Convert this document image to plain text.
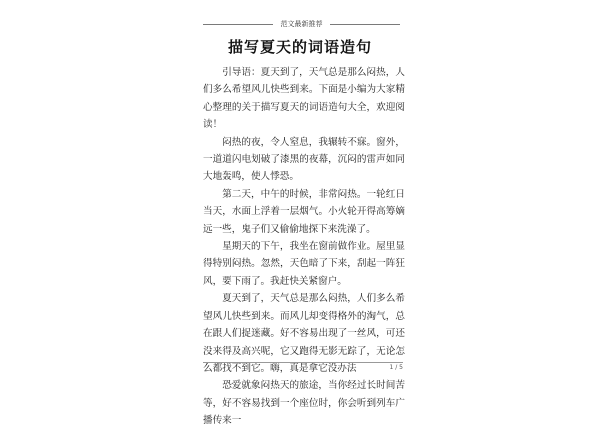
范文最新推荐
描写夏天的词语造句

引导语：夏天到了，天气总是那么闷热，人们多么希望风儿快些到来。下面是小编为大家精心整理的关于描写夏天的词语造句大全，欢迎阅读！

闷热的夜，令人窒息，我辗转不寐。窗外，一道道闪电划破了漆黑的夜幕，沉闷的雷声如同大地轰鸣，使人悸恐。

第二天，中午的时候，非常闷热。一轮红日当天，水面上浮着一层烟气。小火轮开得高筹嫡远一些，鬼子们又偷偷地探下来洗澡了。

星期天的下午，我坐在窗前做作业。屋里显得特别闷热。忽然，天色暗了下来，刮起一阵狂风，要下雨了。我赶快关紧窗户。

夏天到了，天气总是那么闷热，人们多么希望风儿快些到来。而风儿却变得格外的淘气，总在跟人们捉迷藏。好不容易出现了一丝风，可还没来得及高兴呢，它又跑得无影无踪了，无论怎么都找不到它。嗨，真是拿它没办法

恐爱就象闷热天的旅途，当你经过长时间苦等，好不容易找到一个座位时，你会听到列车广播传来一

1 / 5
